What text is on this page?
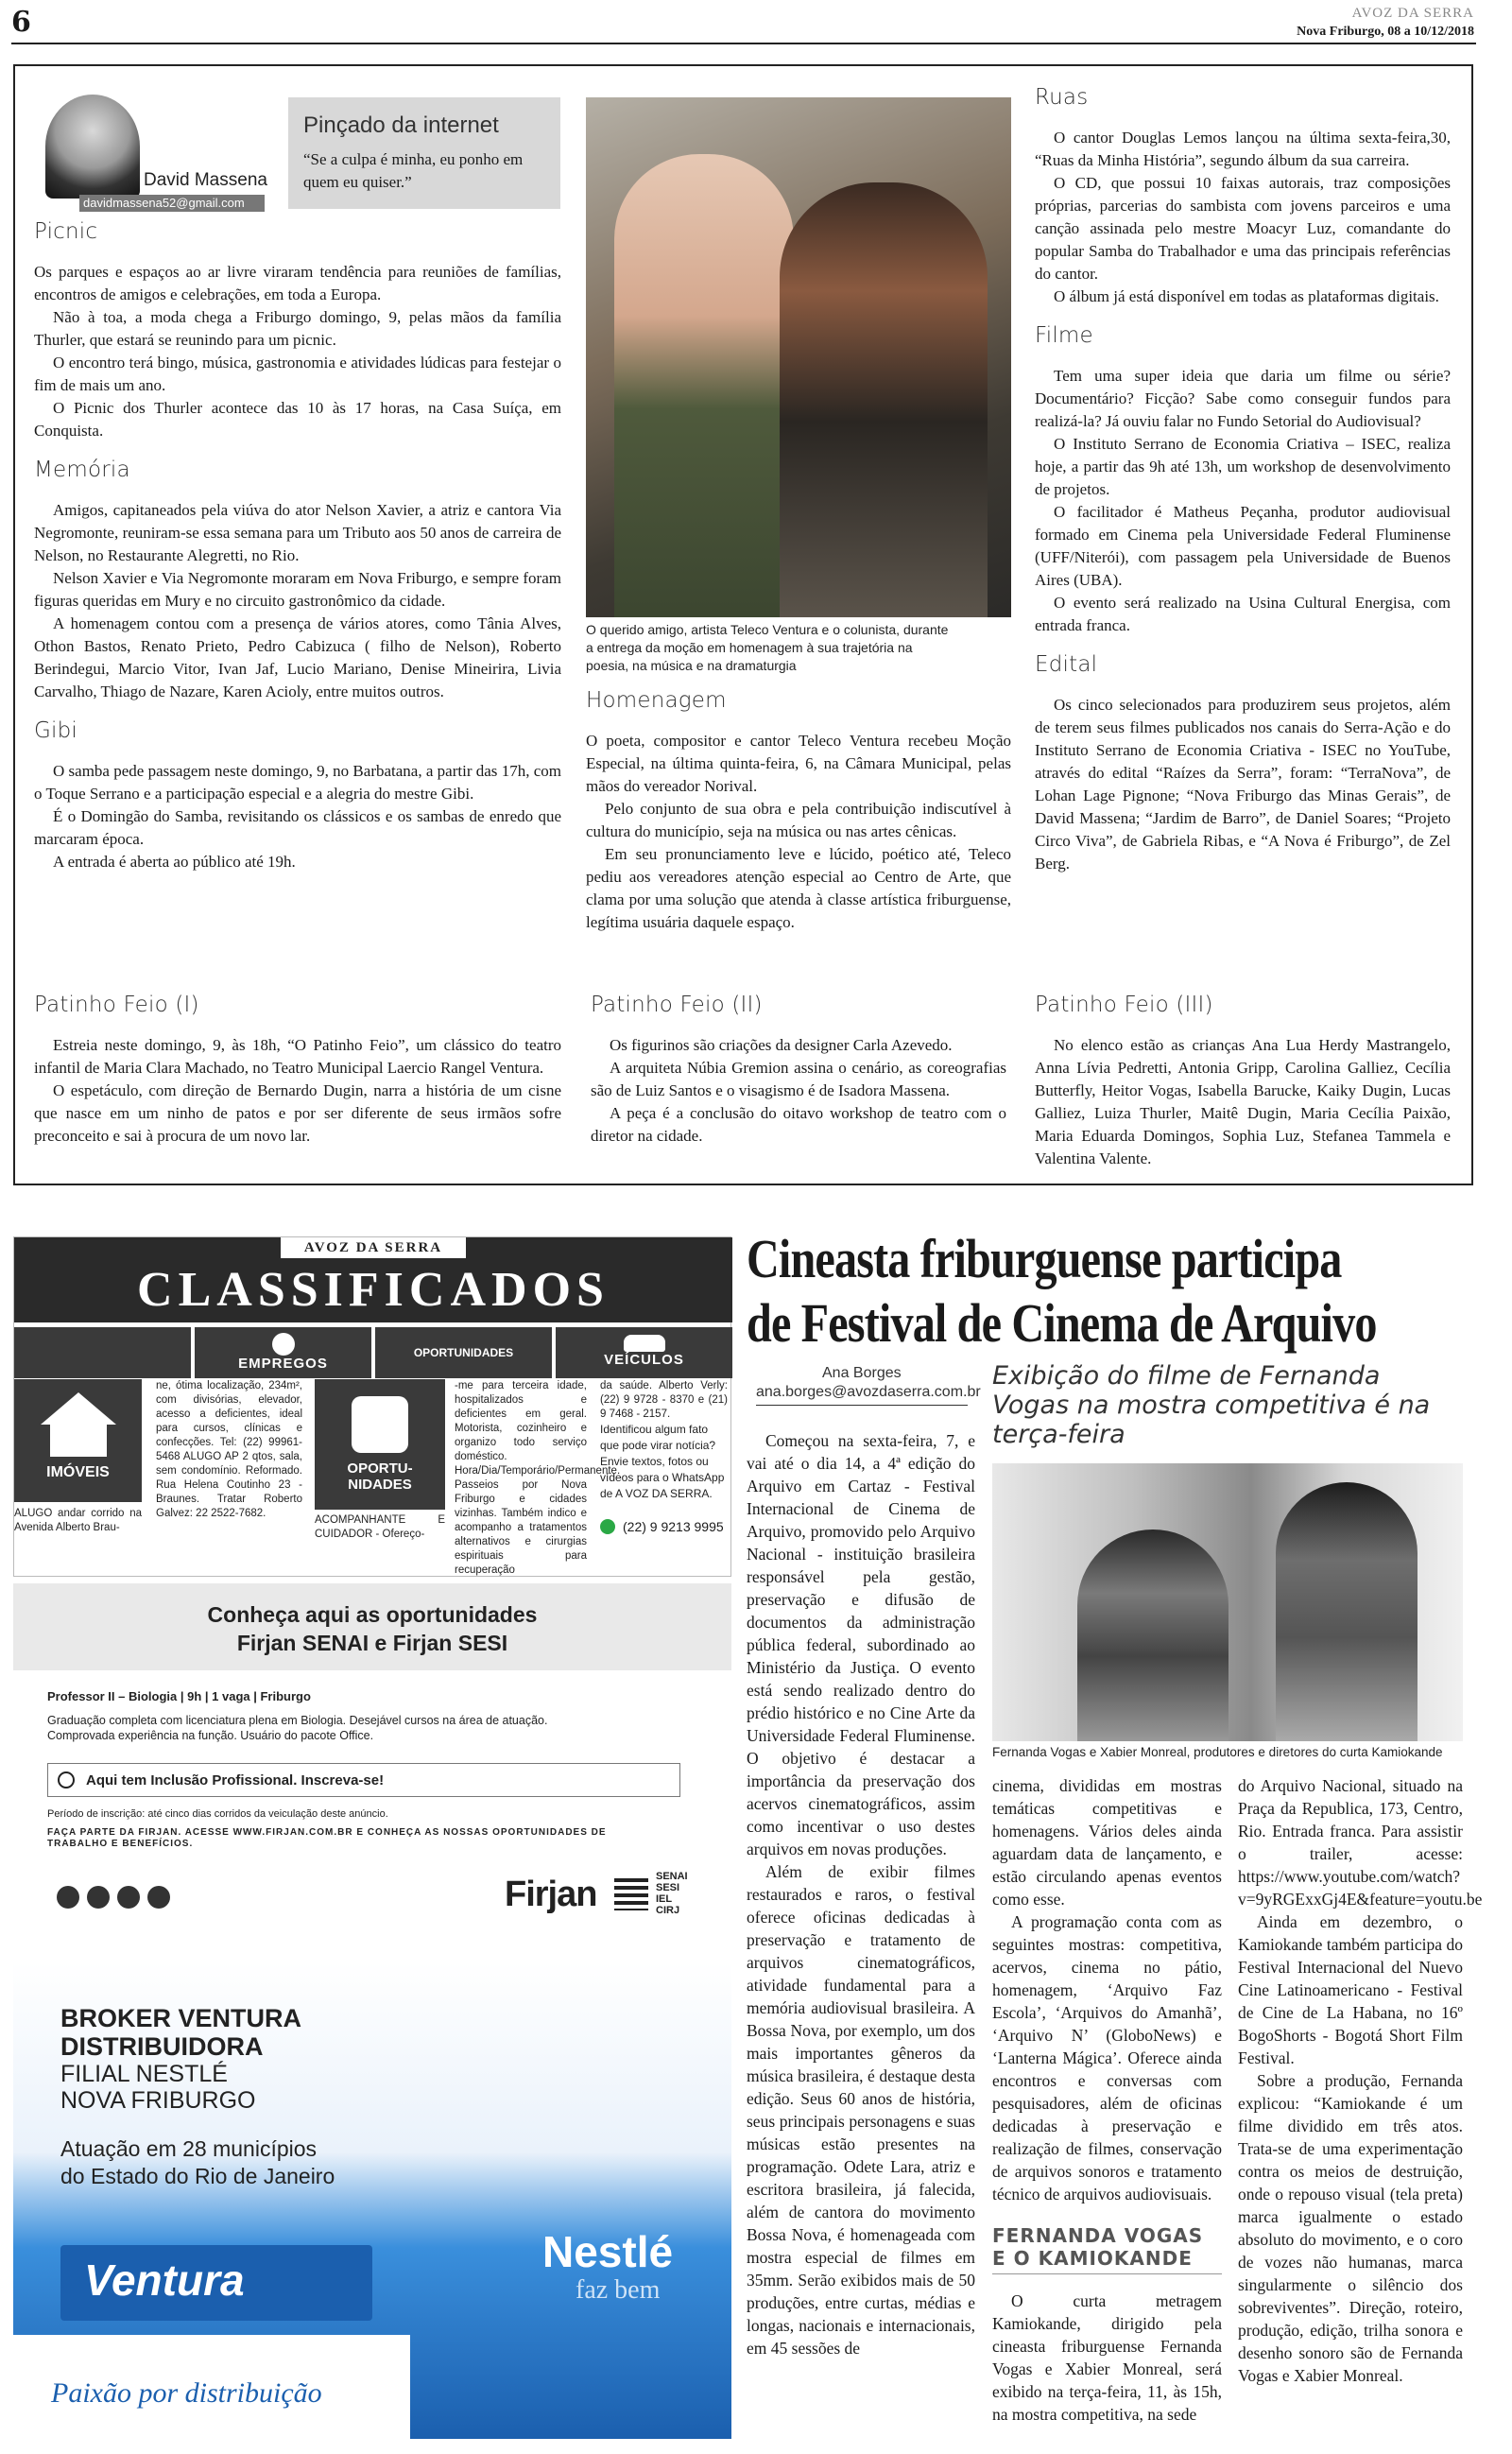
6	AVOZ DA SERRA
Nova Friburgo, 08 a 10/12/2018
David Massena
davidmassena52@gmail.com
Pinçado da internet
“Se a culpa é minha, eu ponho em quem eu quiser.”
Picnic

Os parques e espaços ao ar livre viraram tendência para reuniões de famílias, encontros de amigos e celebrações, em toda a Europa.

Não à toa, a moda chega a Friburgo domingo, 9, pelas mãos da família Thurler, que estará se reunindo para um picnic.

O encontro terá bingo, música, gastronomia e atividades lúdicas para festejar o fim de mais um ano.

O Picnic dos Thurler acontece das 10 às 17 horas, na Casa Suíça, em Conquista.

Memória

Amigos, capitaneados pela viúva do ator Nelson Xavier, a atriz e cantora Via Negromonte, reuniram-se essa semana para um Tributo aos 50 anos de carreira de Nelson, no Restaurante Alegretti, no Rio.

Nelson Xavier e Via Negromonte moraram em Nova Friburgo, e sempre foram figuras queridas em Mury e no circuito gastronômico da cidade.

A homenagem contou com a presença de vários atores, como Tânia Alves, Othon Bastos, Renato Prieto, Pedro Cabizuca ( filho de Nelson), Roberto Berindegui, Marcio Vitor, Ivan Jaf, Lucio Mariano, Denise Mineirira, Livia Carvalho, Thiago de Nazare, Karen Acioly, entre muitos outros.

Gibi

O samba pede passagem neste domingo, 9, no Barbatana, a partir das 17h, com o Toque Serrano e a participação especial e a alegria do mestre Gibi.

É o Domingão do Samba, revisitando os clássicos e os sambas de enredo que marcaram época.

A entrada é aberta ao público até 19h.

O querido amigo, artista Teleco Ventura e o colunista, durante a entrega da moção em homenagem à sua trajetória na poesia, na música e na dramaturgia
Homenagem

O poeta, compositor e cantor Teleco Ventura recebeu Moção Especial, na última quinta-feira, 6, na Câmara Municipal, pelas mãos do vereador Norival.

Pelo conjunto de sua obra e pela contribuição indiscutível à cultura do município, seja na música ou nas artes cênicas.

Em seu pronunciamento leve e lúcido, poético até, Teleco pediu aos vereadores atenção especial ao Centro de Arte, que clama por uma solução que atenda à classe artística friburguense, legítima usuária daquele espaço.

Ruas

O cantor Douglas Lemos lançou na última sexta-feira,30, “Ruas da Minha História”, segundo álbum da sua carreira.

O CD, que possui 10 faixas autorais, traz composições próprias, parcerias do sambista com jovens parceiros e uma canção assinada pelo mestre Moacyr Luz, comandante do popular Samba do Trabalhador e uma das principais referências do cantor.

O álbum já está disponível em todas as plataformas digitais.

Filme

Tem uma super ideia que daria um filme ou série? Documentário? Ficção? Sabe como conseguir fundos para realizá-la? Já ouviu falar no Fundo Setorial do Audiovisual?

O Instituto Serrano de Economia Criativa – ISEC, realiza hoje, a partir das 9h até 13h, um workshop de desenvolvimento de projetos.

O facilitador é Matheus Peçanha, produtor audiovisual formado em Cinema pela Universidade Federal Fluminense (UFF/Niterói), com passagem pela Universidade de Buenos Aires (UBA).

O evento será realizado na Usina Cultural Energisa, com entrada franca.

Edital

Os cinco selecionados para produzirem seus projetos, além de terem seus filmes publicados nos canais do Serra-Ação e do Instituto Serrano de Economia Criativa - ISEC no YouTube, através do edital “Raízes da Serra”, foram: “TerraNova”, de Lohan Lage Pignone; “Nova Friburgo das Minas Gerais”, de David Massena; “Jardim de Barro”, de Daniel Soares; “Projeto Circo Viva”, de Gabriela Ribas, e “A Nova é Friburgo”, de Zel Berg.

Patinho Feio (I)

Estreia neste domingo, 9, às 18h, “O Patinho Feio”, um clássico do teatro infantil de Maria Clara Machado, no Teatro Municipal Laercio Rangel Ventura.

O espetáculo, com direção de Bernardo Dugin, narra a história de um cisne que nasce em um ninho de patos e por ser diferente de seus irmãos sofre preconceito e sai à procura de um novo lar.

Patinho Feio (II)

Os figurinos são criações da designer Carla Azevedo.

A arquiteta Núbia Gremion assina o cenário, as coreografias são de Luiz Santos e o visagismo é de Isadora Massena.

A peça é a conclusão do oitavo workshop de teatro com o diretor na cidade.

Patinho Feio (III)

No elenco estão as crianças Ana Lua Herdy Mastrangelo, Anna Lívia Pedretti, Antonia Gripp, Carolina Galliez, Cecília Butterfly, Heitor Vogas, Isabella Barucke, Kaiky Dugin, Lucas Galliez, Luiza Thurler, Maitê Dugin, Maria Cecília Paixão, Maria Eduarda Domingos, Sophia Luz, Stefanea Tammela e Valentina Valente.

AVOZ DA SERRA
CLASSIFICADOS
EMPREGOS
OPORTUNIDADES	VEÍCULOS
IMÓVEIS
ALUGO andar corrido na Avenida Alberto Brau-
ne, ótima localização, 234m², com divisórias, elevador, acesso a deficientes, ideal para cursos, clínicas e confecções. Tel: (22) 99961-5468 ALUGO AP 2 qtos, sala, sem condomínio. Reformado. Rua Helena Coutinho 23 - Braunes. Tratar Roberto Galvez: 22 2522-7682.
OPORTU-NIDADES
ACOMPANHANTE E CUIDADOR - Ofereço-
-me para terceira idade, hospitalizados e deficientes em geral. Motorista, cozinheiro e organizo todo serviço doméstico. Hora/Dia/Temporário/Permanente. Passeios por Nova Friburgo e cidades vizinhas. Também indico e acompanho a tratamentos alternativos e cirurgias espirituais para recuperação
da saúde. Alberto Verly: (22) 9 9728 - 8370 e (21) 9 7468 - 2157.
Identificou algum fato que pode virar notícia? Envie textos, fotos ou vídeos para o WhatsApp de A VOZ DA SERRA.
(22) 9 9213 9995
Conheça aqui as oportunidades
Firjan SENAI e Firjan SESI
Professor II – Biologia | 9h | 1 vaga | Friburgo
Graduação completa com licenciatura plena em Biologia. Desejável cursos na área de atuação.
Comprovada experiência na função. Usuário do pacote Office.
Aqui tem Inclusão Profissional. Inscreva-se!
Período de inscrição: até cinco dias corridos da veiculação deste anúncio.
FAÇA PARTE DA FIRJAN. ACESSE WWW.FIRJAN.COM.BR E CONHEÇA AS NOSSAS OPORTUNIDADES DE TRABALHO E BENEFÍCIOS.
Firjan	SENAI
SESI
IEL
CIRJ
BROKER VENTURA
DISTRIBUIDORA
FILIAL NESTLÉ
NOVA FRIBURGO
Atuação em 28 municípios
do Estado do Rio de Janeiro
Ventura
Paixão por distribuição
Nestlé
faz bem
Cineasta friburguense participa
de Festival de Cinema de Arquivo
Ana Borges
ana.borges@avozdaserra.com.br
Exibição do filme de Fernanda Vogas na mostra competitiva é na terça-feira
Fernanda Vogas e Xabier Monreal, produtores e diretores do curta Kamiokande

Começou na sexta-feira, 7, e vai até o dia 14, a 4ª edição do Arquivo em Cartaz - Festival Internacional de Cinema de Arquivo, promovido pelo Arquivo Nacional - instituição brasileira responsável pela gestão, preservação e difusão de documentos da administração pública federal, subordinado ao Ministério da Justiça. O evento está sendo realizado dentro do prédio histórico e no Cine Arte da Universidade Federal Fluminense. O objetivo é destacar a importância da preservação dos acervos cinematográficos, assim como incentivar o uso destes arquivos em novas produções.

Além de exibir filmes restaurados e raros, o festival oferece oficinas dedicadas à preservação e tratamento de arquivos cinematográficos, atividade fundamental para a memória audiovisual brasileira. A Bossa Nova, por exemplo, um dos mais importantes gêneros da música brasileira, é destaque desta edição. Seus 60 anos de história, seus principais personagens e suas músicas estão presentes na programação. Odete Lara, atriz e escritora brasileira, já falecida, além de cantora do movimento Bossa Nova, é homenageada com mostra especial de filmes em 35mm. Serão exibidos mais de 50 produções, entre curtas, médias e longas, nacionais e internacionais, em 45 sessões de

cinema, divididas em mostras temáticas competitivas e homenagens. Vários deles ainda aguardam data de lançamento, e estão circulando apenas eventos como esse.

A programação conta com as seguintes mostras: competitiva, acervos, cinema no pátio, homenagem, ‘Arquivo Faz Escola’, ‘Arquivos do Amanhã’, ‘Arquivo N’ (GloboNews) e ‘Lanterna Mágica’. Oferece ainda encontros e conversas com pesquisadores, além de oficinas dedicadas à preservação e realização de filmes, conservação de arquivos sonoros e tratamento técnico de arquivos audiovisuais.

FERNANDA VOGAS E O KAMIOKANDE

O curta metragem Kamiokande, dirigido pela cineasta friburguense Fernanda Vogas e Xabier Monreal, será exibido na terça-feira, 11, às 15h, na mostra competitiva, na sede

do Arquivo Nacional, situado na Praça da Republica, 173, Centro, Rio. Entrada franca. Para assistir o trailer, acesse: https://www.youtube.com/watch?v=9yRGExxGj4E&feature=youtu.be

Ainda em dezembro, o Kamiokande também participa do Festival Internacional del Nuevo Cine Latinoamericano - Festival de Cine de La Habana, no 16º BogoShorts - Bogotá Short Film Festival.

Sobre a produção, Fernanda explicou: “Kamiokande é um filme dividido em três atos. Trata-se de uma experimentação contra os meios de destruição, onde o repouso visual (tela preta) marca igualmente o estado absoluto do movimento, e o coro de vozes não humanas, marca singularmente o silêncio dos sobreviventes”. Direção, roteiro, produção, edição, trilha sonora e desenho sonoro são de Fernanda Vogas e Xabier Monreal.
